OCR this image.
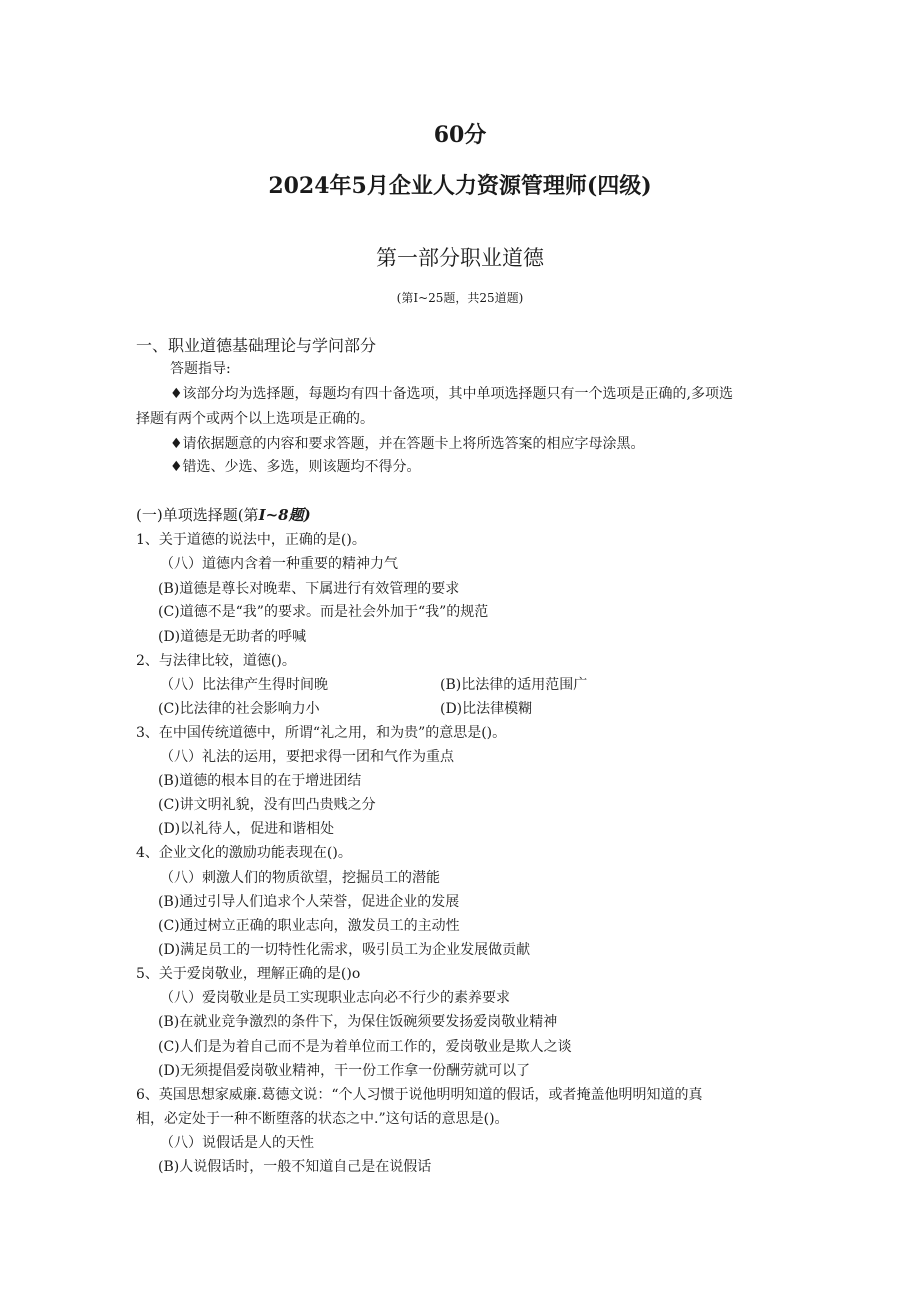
60分
2024年5月企业人力资源管理师(四级)
第一部分职业道德
(第I~25题，共25道题)
一、职业道德基础理论与学问部分
答题指导:
♦该部分均为选择题，每题均有四十备选项，其中单项选择题只有一个选项是正确的,多项选
择题有两个或两个以上选项是正确的。
♦请依据题意的内容和要求答题，并在答题卡上将所选答案的相应字母涂黑。
♦错选、少选、多选，则该题均不得分。
(一)单项选择题(第I~8题)
1、关于道德的说法中，正确的是()。
（八）道德内含着一种重要的精神力气
(B)道德是尊长对晚辈、下属进行有效管理的要求
(C)道德不是“我”的要求。而是社会外加于“我”的规范
(D)道德是无助者的呼喊
2、与法律比较，道德()。
（八）比法律产生得时间晚	(B)比法律的适用范围广
(C)比法律的社会影响力小	(D)比法律模糊
3、在中国传统道德中，所谓“礼之用，和为贵”的意思是()。
（八）礼法的运用，要把求得一团和气作为重点
(B)道德的根本目的在于增进团结
(C)讲文明礼貌，没有凹凸贵贱之分
(D)以礼待人，促进和谐相处
4、企业文化的激励功能表现在()。
（八）刺激人们的物质欲望，挖掘员工的潜能
(B)通过引导人们追求个人荣誉，促进企业的发展
(C)通过树立正确的职业志向，激发员工的主动性
(D)满足员工的一切特性化需求，吸引员工为企业发展做贡献
5、关于爱岗敬业，理解正确的是()o
（八）爱岗敬业是员工实现职业志向必不行少的素养要求
(B)在就业竞争激烈的条件下，为保住饭碗须要发扬爱岗敬业精神
(C)人们是为着自己而不是为着单位而工作的，爱岗敬业是欺人之谈
(D)无须提倡爱岗敬业精神，干一份工作拿一份酬劳就可以了
6、英国思想家威廉.葛德文说：“个人习惯于说他明明知道的假话，或者掩盖他明明知道的真
相，必定处于一种不断堕落的状态之中.”这句话的意思是()。
（八）说假话是人的天性
(B)人说假话时，一般不知道自己是在说假话
